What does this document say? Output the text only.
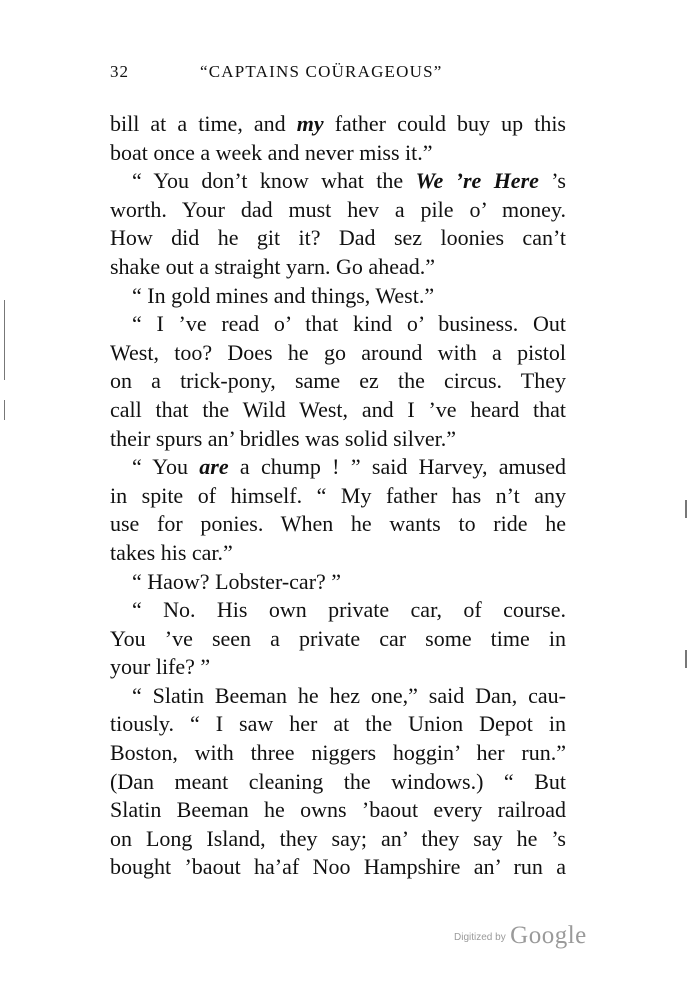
32	“CAPTAINS COÜRAGEOUS”
bill at a time, and my father could buy up this
boat once a week and never miss it.”
“ You don’t know what the We ’re Here ’s
worth. Your dad must hev a pile o’ money.
How did he git it? Dad sez loonies can’t
shake out a straight yarn. Go ahead.”
“ In gold mines and things, West.”
“ I ’ve read o’ that kind o’ business. Out
West, too? Does he go around with a pistol
on a trick-pony, same ez the circus. They
call that the Wild West, and I ’ve heard that
their spurs an’ bridles was solid silver.”
“ You are a chump ! ” said Harvey, amused
in spite of himself. “ My father has n’t any
use for ponies. When he wants to ride he
takes his car.”
“ Haow? Lobster-car? ”
“ No. His own private car, of course.
You ’ve seen a private car some time in
your life? ”
“ Slatin Beeman he hez one,” said Dan, cau-
tiously. “ I saw her at the Union Depot in
Boston, with three niggers hoggin’ her run.”
(Dan meant cleaning the windows.) “ But
Slatin Beeman he owns ’baout every railroad
on Long Island, they say; an’ they say he ’s
bought ’baout ha’af Noo Hampshire an’ run a
Digitized by Google
